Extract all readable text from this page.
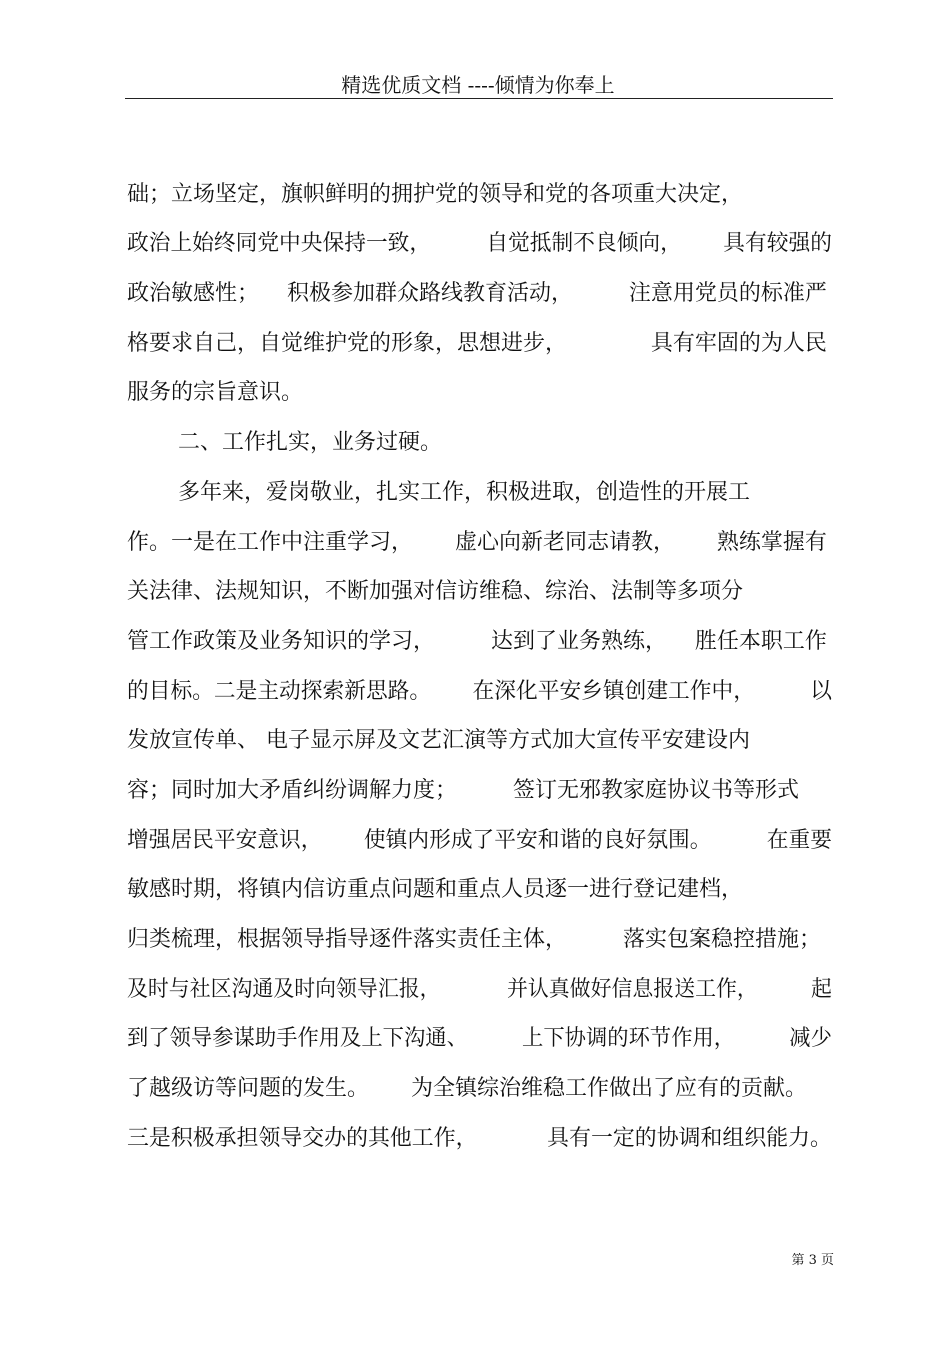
精选优质文档 ----倾情为你奉上
础；立场坚定，旗帜鲜明的拥护党的领导和党的各项重大决定，
政治上始终同党中央保持一致，        自觉抵制不良倾向，      具有较强的
政治敏感性；    积极参加群众路线教育活动，        注意用党员的标准严
格要求自己，自觉维护党的形象，思想进步，            具有牢固的为人民
服务的宗旨意识。
二、工作扎实，业务过硬。
多年来，爱岗敬业，扎实工作，积极进取，创造性的开展工
作。一是在工作中注重学习，      虚心向新老同志请教，      熟练掌握有
关法律、法规知识，不断加强对信访维稳、综治、法制等多项分
管工作政策及业务知识的学习，        达到了业务熟练，    胜任本职工作
的目标。二是主动探索新思路。      在深化平安乡镇创建工作中，        以
发放宣传单、 电子显示屏及文艺汇演等方式加大宣传平安建设内
容；同时加大矛盾纠纷调解力度；        签订无邪教家庭协议书等形式
增强居民平安意识，      使镇内形成了平安和谐的良好氛围。        在重要
敏感时期，将镇内信访重点问题和重点人员逐一进行登记建档，
归类梳理，根据领导指导逐件落实责任主体，        落实包案稳控措施；
及时与社区沟通及时向领导汇报，          并认真做好信息报送工作，        起
到了领导参谋助手作用及上下沟通、        上下协调的环节作用，        减少
了越级访等问题的发生。      为全镇综治维稳工作做出了应有的贡献。
三是积极承担领导交办的其他工作，          具有一定的协调和组织能力。
第 3 页
